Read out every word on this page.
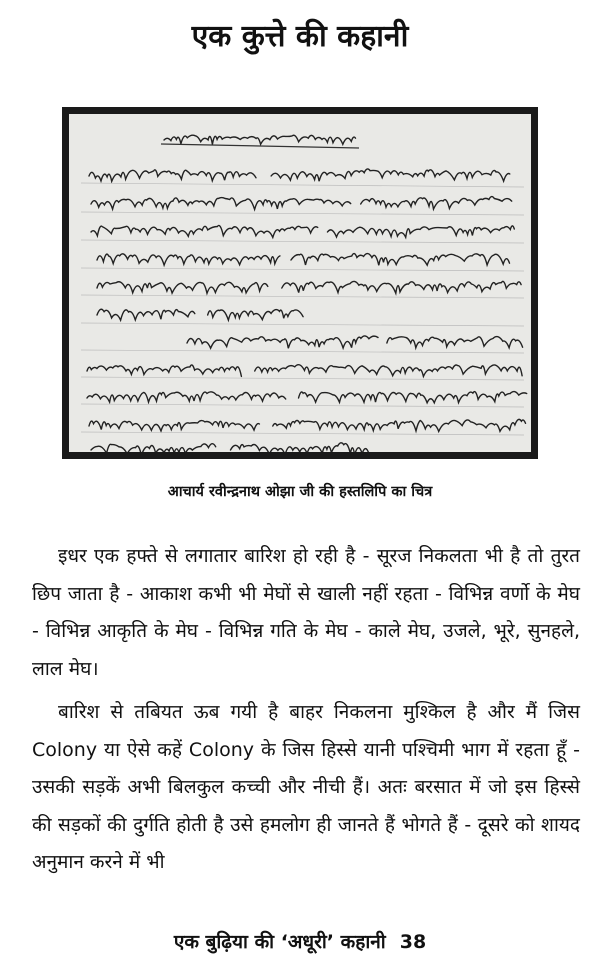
एक कुत्ते की कहानी
आचार्य रवीन्द्रनाथ ओझा जी की हस्तलिपि का चित्र

इधर एक हफ्ते से लगातार बारिश हो रही है - सूरज निकलता भी है तो तुरत छिप जाता है - आकाश कभी भी मेघों से खाली नहीं रहता - विभिन्न वर्णो के मेघ - विभिन्न आकृति के मेघ - विभिन्न गति के मेघ - काले मेघ, उजले, भूरे, सुनहले, लाल मेघ।

बारिश से तबियत ऊब गयी है बाहर निकलना मुश्किल है और मैं जिस Colony या ऐसे कहें Colony के जिस हिस्से यानी पश्चिमी भाग में रहता हूँ - उसकी सड़कें अभी बिलकुल कच्ची और नीची हैं। अतः बरसात में जो इस हिस्से की सड़कों की दुर्गति होती है उसे हमलोग ही जानते हैं भोगते हैं - दूसरे को शायद अनुमान करने में भी

एक बुढ़िया की ‘अधूरी’ कहानी 38
